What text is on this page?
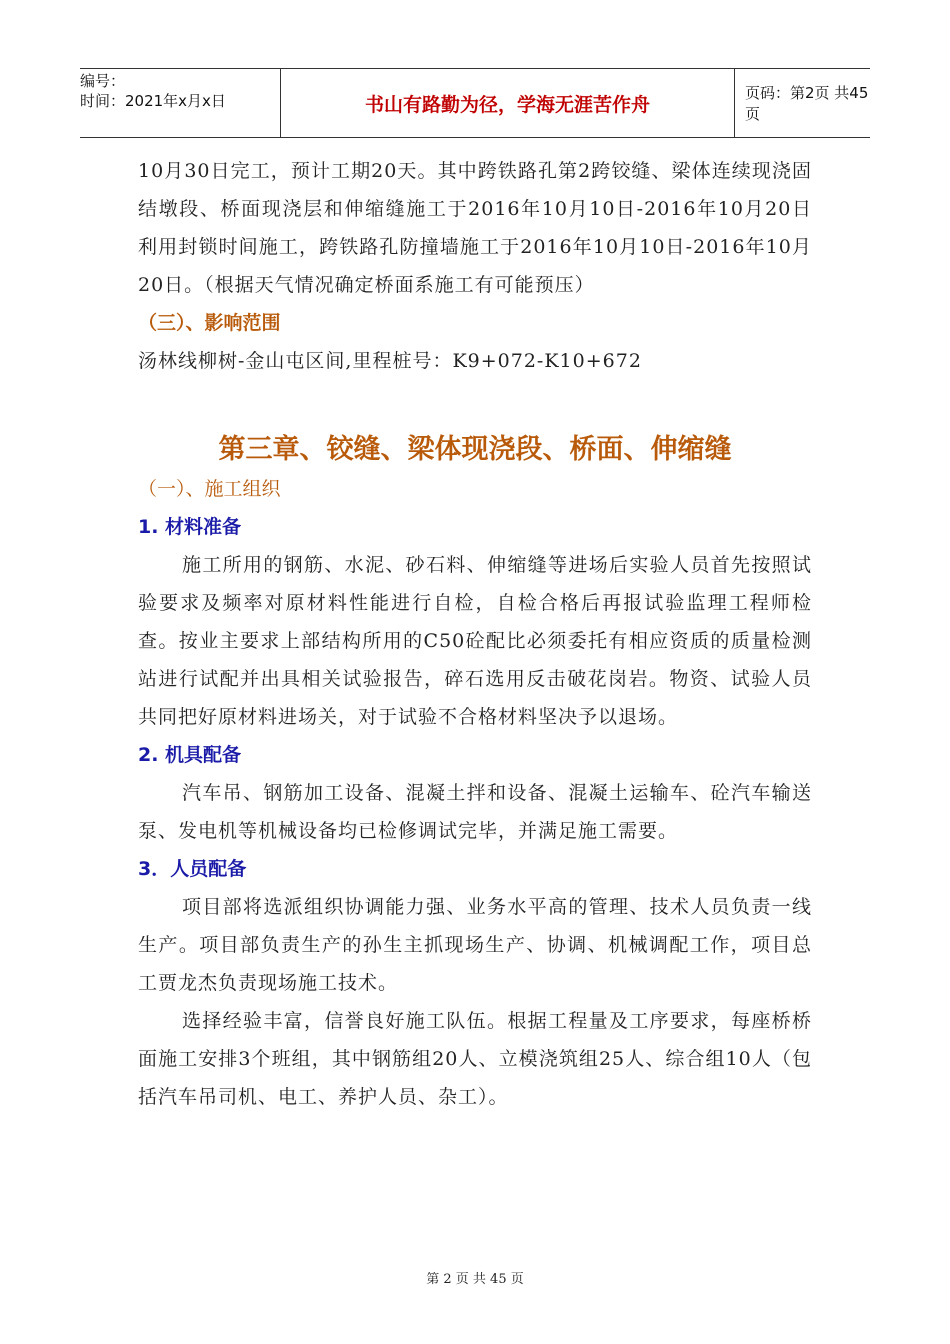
编号：
时间：2021年x月x日	书山有路勤为径，学海无涯苦作舟
页码：第2页 共45页

10月30日完工，预计工期20天。其中跨铁路孔第2跨铰缝、梁体连续现浇固结墩段、桥面现浇层和伸缩缝施工于2016年10月10日-2016年10月20日利用封锁时间施工，跨铁路孔防撞墙施工于2016年10月10日-2016年10月20日。（根据天气情况确定桥面系施工有可能预压）

（三）、影响范围

汤林线柳树-金山屯区间,里程桩号：K9+072-K10+672

第三章、铰缝、梁体现浇段、桥面、伸缩缝
（一）、施工组织
1. 材料准备

施工所用的钢筋、水泥、砂石料、伸缩缝等进场后实验人员首先按照试验要求及频率对原材料性能进行自检，自检合格后再报试验监理工程师检查。按业主要求上部结构所用的C50砼配比必须委托有相应资质的质量检测站进行试配并出具相关试验报告，碎石选用反击破花岗岩。物资、试验人员共同把好原材料进场关，对于试验不合格材料坚决予以退场。

2. 机具配备

汽车吊、钢筋加工设备、混凝土拌和设备、混凝土运输车、砼汽车输送泵、发电机等机械设备均已检修调试完毕，并满足施工需要。

3．人员配备

项目部将选派组织协调能力强、业务水平高的管理、技术人员负责一线生产。项目部负责生产的孙生主抓现场生产、协调、机械调配工作，项目总工贾龙杰负责现场施工技术。

选择经验丰富，信誉良好施工队伍。根据工程量及工序要求，每座桥桥面施工安排3个班组，其中钢筋组20人、立模浇筑组25人、综合组10人（包括汽车吊司机、电工、养护人员、杂工）。

第 2 页 共 45 页
